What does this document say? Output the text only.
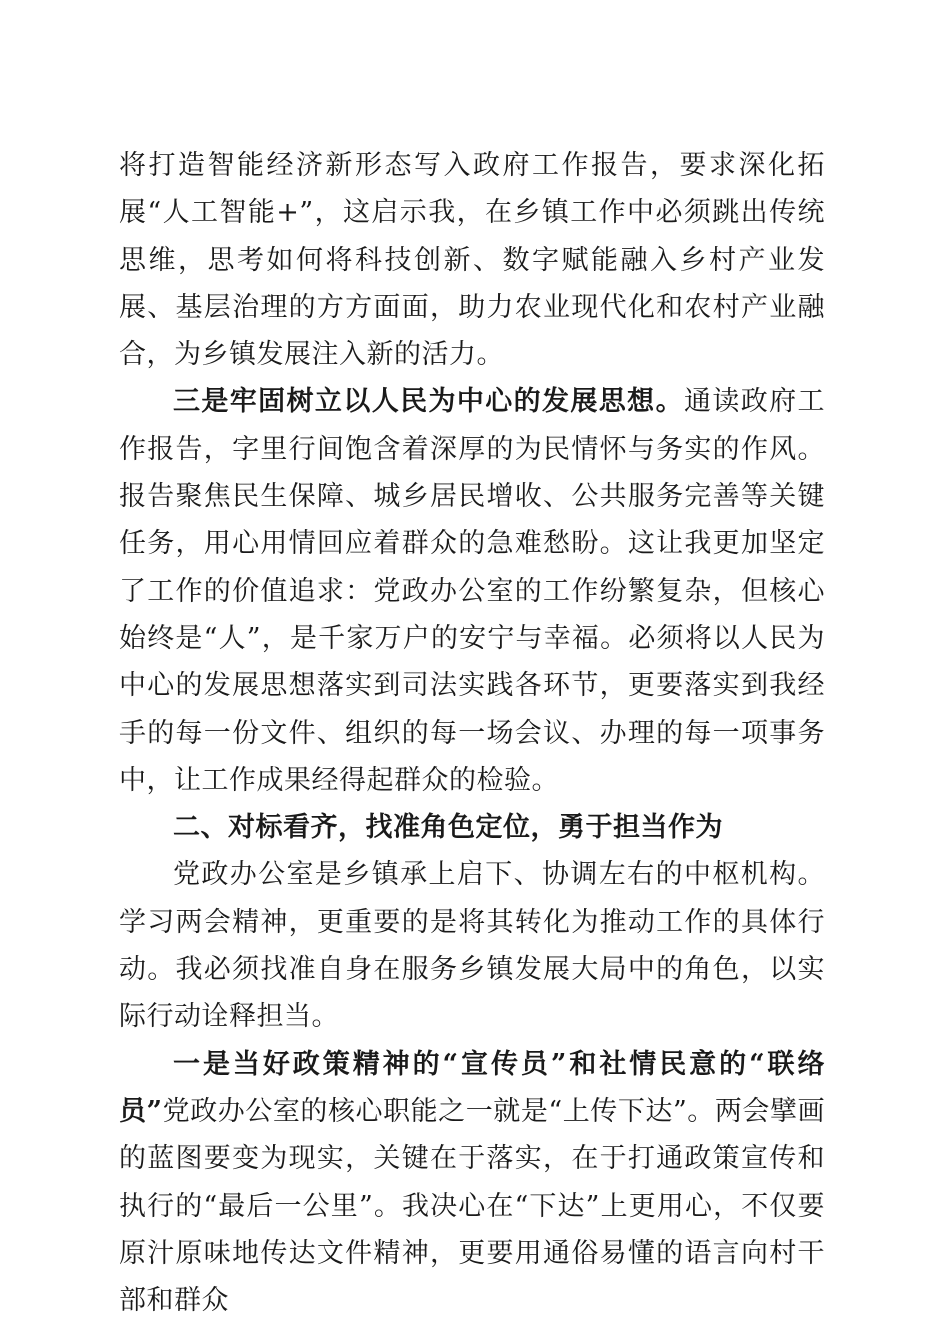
将打造智能经济新形态写入政府工作报告，要求深化拓展“人工智能+”，这启示我，在乡镇工作中必须跳出传统思维，思考如何将科技创新、数字赋能融入乡村产业发展、基层治理的方方面面，助力农业现代化和农村产业融合，为乡镇发展注入新的活力。

三是牢固树立以人民为中心的发展思想。通读政府工作报告，字里行间饱含着深厚的为民情怀与务实的作风。报告聚焦民生保障、城乡居民增收、公共服务完善等关键任务，用心用情回应着群众的急难愁盼。这让我更加坚定了工作的价值追求：党政办公室的工作纷繁复杂，但核心始终是“人”，是千家万户的安宁与幸福。必须将以人民为中心的发展思想落实到司法实践各环节，更要落实到我经手的每一份文件、组织的每一场会议、办理的每一项事务中，让工作成果经得起群众的检验。

二、对标看齐，找准角色定位，勇于担当作为

党政办公室是乡镇承上启下、协调左右的中枢机构。学习两会精神，更重要的是将其转化为推动工作的具体行动。我必须找准自身在服务乡镇发展大局中的角色，以实际行动诠释担当。

一是当好政策精神的“宣传员”和社情民意的“联络员”党政办公室的核心职能之一就是“上传下达”。两会擘画的蓝图要变为现实，关键在于落实，在于打通政策宣传和执行的“最后一公里”。我决心在“下达”上更用心，不仅要原汁原味地传达文件精神，更要用通俗易懂的语言向村干部和群众
